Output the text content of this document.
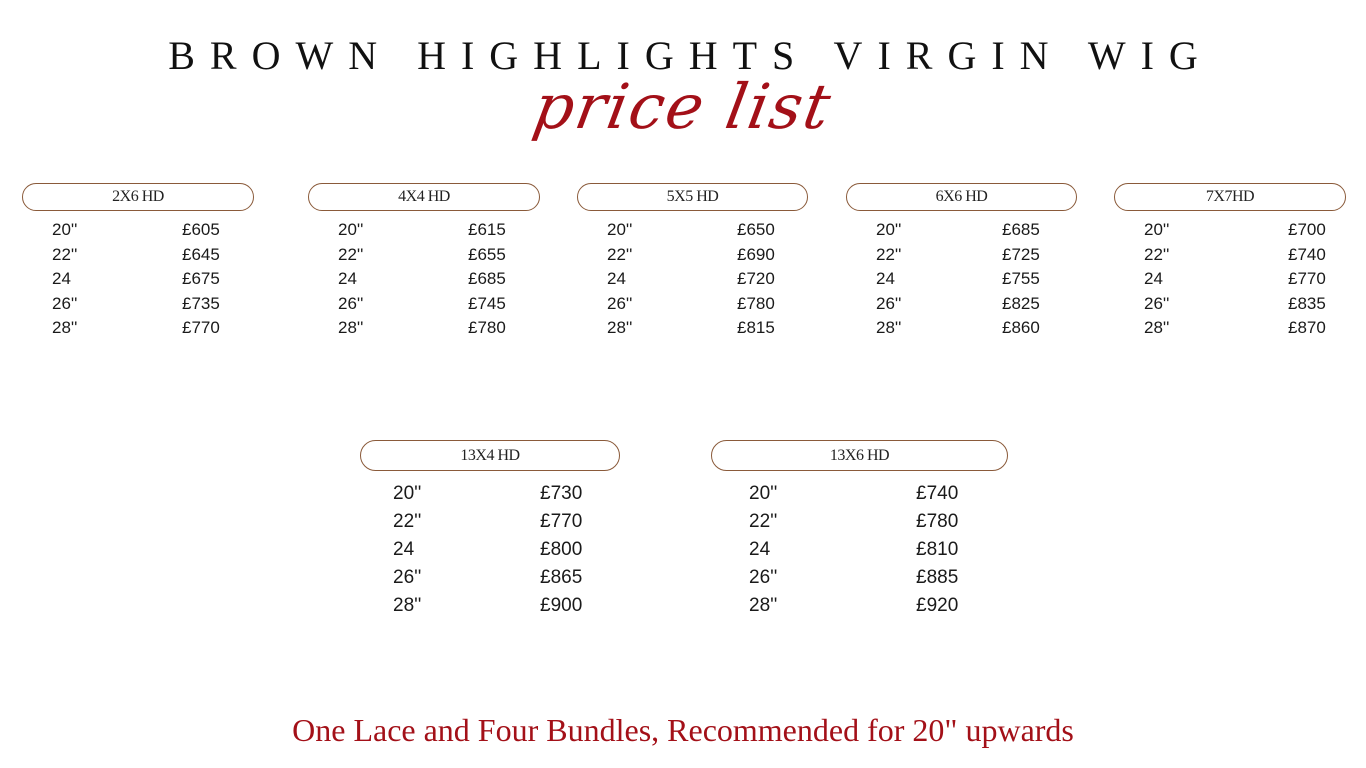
BROWN HIGHLIGHTS VIRGIN WIG
price list
2X6 HD
20''	£605
22''	£645
24	£675
26''	£735
28''	£770
4X4 HD
20''	£615
22''	£655
24	£685
26''	£745
28''	£780
5X5 HD
20''	£650
22''	£690
24	£720
26''	£780
28''	£815
6X6 HD
20''	£685
22''	£725
24	£755
26''	£825
28''	£860
7X7HD
20''	£700
22''	£740
24	£770
26''	£835
28''	£870
13X4 HD
20''	£730
22''	£770
24	£800
26''	£865
28''	£900
13X6 HD
20''	£740
22''	£780
24	£810
26''	£885
28''	£920
One Lace and Four Bundles, Recommended for 20" upwards
